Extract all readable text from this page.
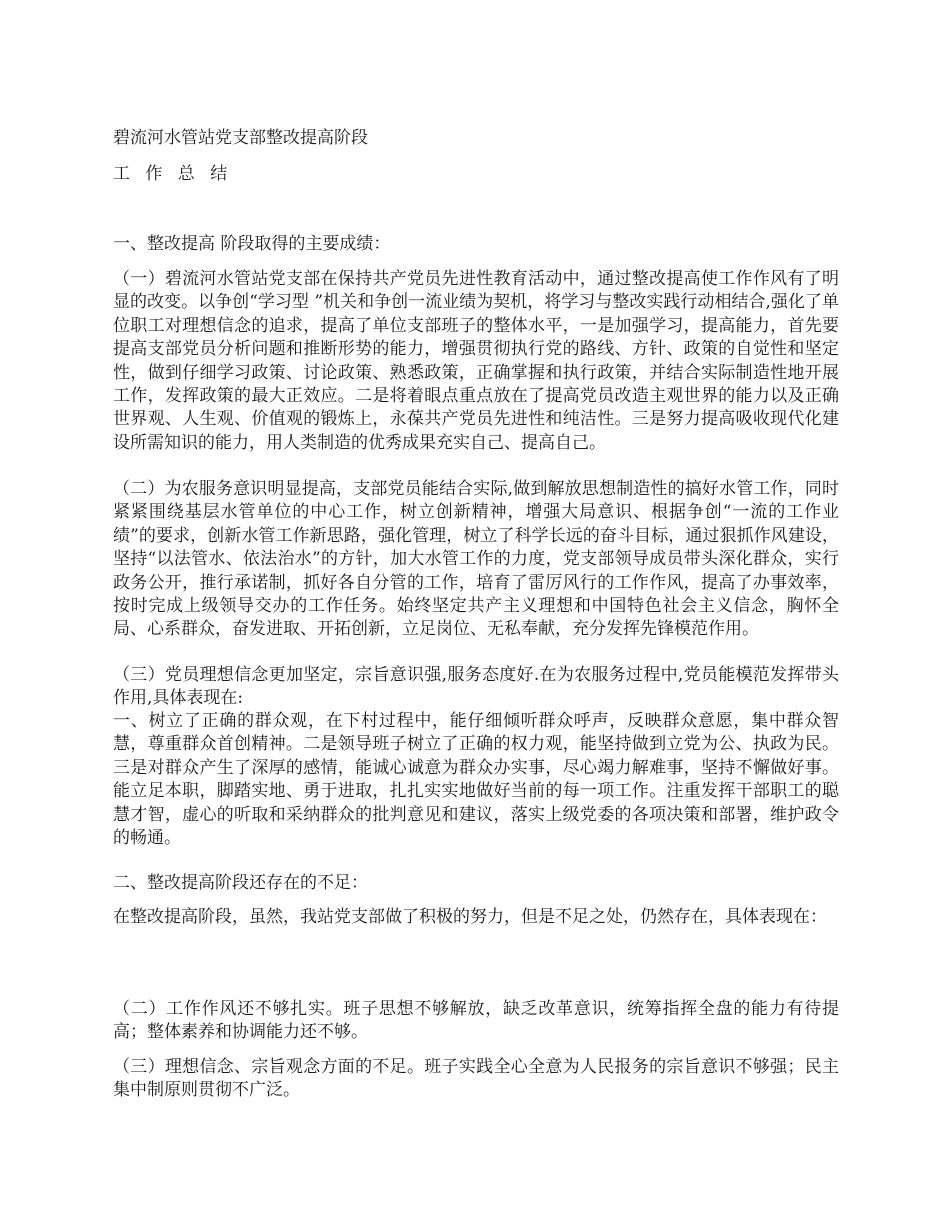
碧流河水管站党支部整改提高阶段
工 作 总 结
一、整改提高 阶段取得的主要成绩：
（一）碧流河水管站党支部在保持共产党员先进性教育活动中，通过整改提高使工作作风有了明显的改变。以争创“学习型 ”机关和争创一流业绩为契机，将学习与整改实践行动相结合,强化了单位职工对理想信念的追求，提高了单位支部班子的整体水平，一是加强学习，提高能力，首先要提高支部党员分析问题和推断形势的能力，增强贯彻执行党的路线、方针、政策的自觉性和坚定性，做到仔细学习政策、讨论政策、熟悉政策，正确掌握和执行政策，并结合实际制造性地开展工作，发挥政策的最大正效应。二是将着眼点重点放在了提高党员改造主观世界的能力以及正确世界观、人生观、价值观的锻炼上，永葆共产党员先进性和纯洁性。三是努力提高吸收现代化建设所需知识的能力，用人类制造的优秀成果充实自己、提高自己。
（二）为农服务意识明显提高，支部党员能结合实际,做到解放思想制造性的搞好水管工作，同时紧紧围绕基层水管单位的中心工作，树立创新精神，增强大局意识、根据争创“一流的工作业绩”的要求，创新水管工作新思路，强化管理，树立了科学长远的奋斗目标，通过狠抓作风建设，坚持“以法管水、依法治水”的方针，加大水管工作的力度，党支部领导成员带头深化群众，实行政务公开，推行承诺制，抓好各自分管的工作，培育了雷厉风行的工作作风，提高了办事效率，按时完成上级领导交办的工作任务。始终坚定共产主义理想和中国特色社会主义信念，胸怀全局、心系群众，奋发进取、开拓创新，立足岗位、无私奉献，充分发挥先锋模范作用。
（三）党员理想信念更加坚定，宗旨意识强,服务态度好.在为农服务过程中,党员能模范发挥带头作用,具体表现在:
一、树立了正确的群众观，在下村过程中，能仔细倾听群众呼声，反映群众意愿，集中群众智慧，尊重群众首创精神。二是领导班子树立了正确的权力观，能坚持做到立党为公、执政为民。三是对群众产生了深厚的感情，能诚心诚意为群众办实事，尽心竭力解难事，坚持不懈做好事。能立足本职，脚踏实地、勇于进取，扎扎实实地做好当前的每一项工作。注重发挥干部职工的聪慧才智，虚心的听取和采纳群众的批判意见和建议，落实上级党委的各项决策和部署，维护政令的畅通。
二、整改提高阶段还存在的不足：
在整改提高阶段，虽然，我站党支部做了积极的努力，但是不足之处，仍然存在，具体表现在：
（二）工作作风还不够扎实。班子思想不够解放，缺乏改革意识，统筹指挥全盘的能力有待提高；整体素养和协调能力还不够。
（三）理想信念、宗旨观念方面的不足。班子实践全心全意为人民报务的宗旨意识不够强；民主集中制原则贯彻不广泛。
